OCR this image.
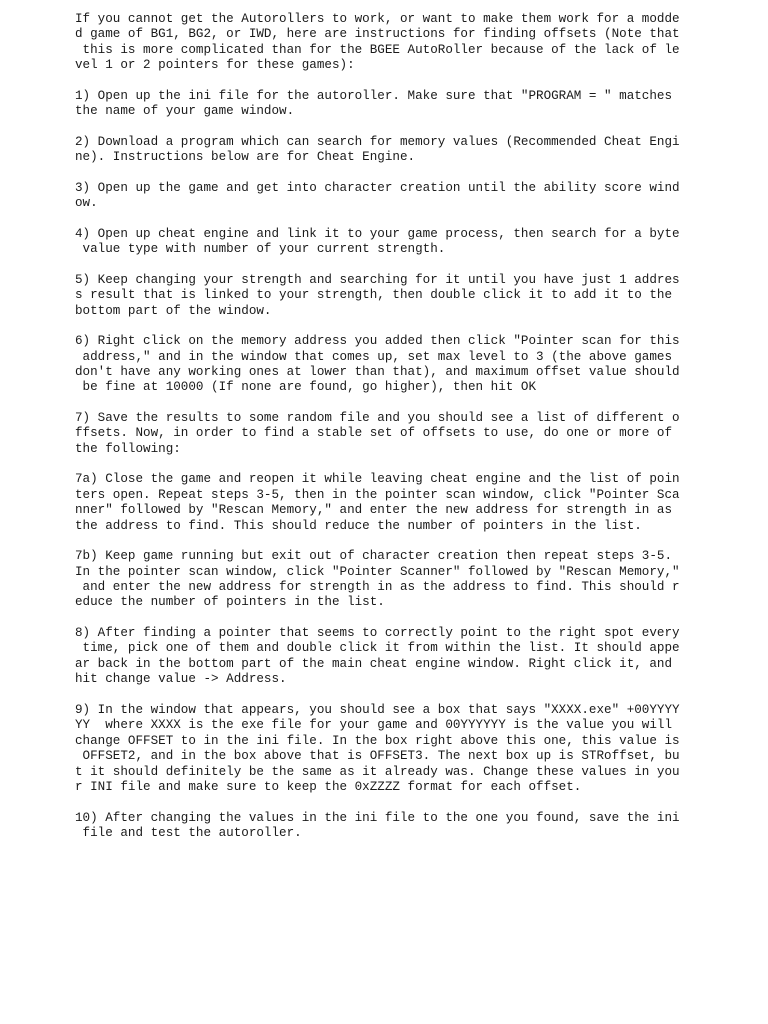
If you cannot get the Autorollers to work, or want to make them work for a modde
d game of BG1, BG2, or IWD, here are instructions for finding offsets (Note that
this is more complicated than for the BGEE AutoRoller because of the lack of le
vel 1 or 2 pointers for these games):

1) Open up the ini file for the autoroller. Make sure that "PROGRAM = " matches
the name of your game window.

2) Download a program which can search for memory values (Recommended Cheat Engi
ne). Instructions below are for Cheat Engine.

3) Open up the game and get into character creation until the ability score wind
ow.

4) Open up cheat engine and link it to your game process, then search for a byte
value type with number of your current strength.

5) Keep changing your strength and searching for it until you have just 1 addres
s result that is linked to your strength, then double click it to add it to the
bottom part of the window.

6) Right click on the memory address you added then click "Pointer scan for this
address," and in the window that comes up, set max level to 3 (the above games
don't have any working ones at lower than that), and maximum offset value should
be fine at 10000 (If none are found, go higher), then hit OK

7) Save the results to some random file and you should see a list of different o
ffsets. Now, in order to find a stable set of offsets to use, do one or more of
the following:

7a) Close the game and reopen it while leaving cheat engine and the list of poin
ters open. Repeat steps 3-5, then in the pointer scan window, click "Pointer Sca
nner" followed by "Rescan Memory," and enter the new address for strength in as
the address to find. This should reduce the number of pointers in the list.

7b) Keep game running but exit out of character creation then repeat steps 3-5.
In the pointer scan window, click "Pointer Scanner" followed by "Rescan Memory,"
and enter the new address for strength in as the address to find. This should r
educe the number of pointers in the list.

8) After finding a pointer that seems to correctly point to the right spot every
time, pick one of them and double click it from within the list. It should appe
ar back in the bottom part of the main cheat engine window. Right click it, and
hit change value -> Address.

9) In the window that appears, you should see a box that says "XXXX.exe" +00YYYY
YY  where XXXX is the exe file for your game and 00YYYYYY is the value you will
change OFFSET to in the ini file. In the box right above this one, this value is
OFFSET2, and in the box above that is OFFSET3. The next box up is STRoffset, bu
t it should definitely be the same as it already was. Change these values in you
r INI file and make sure to keep the 0xZZZZ format for each offset.

10) After changing the values in the ini file to the one you found, save the ini
file and test the autoroller.
